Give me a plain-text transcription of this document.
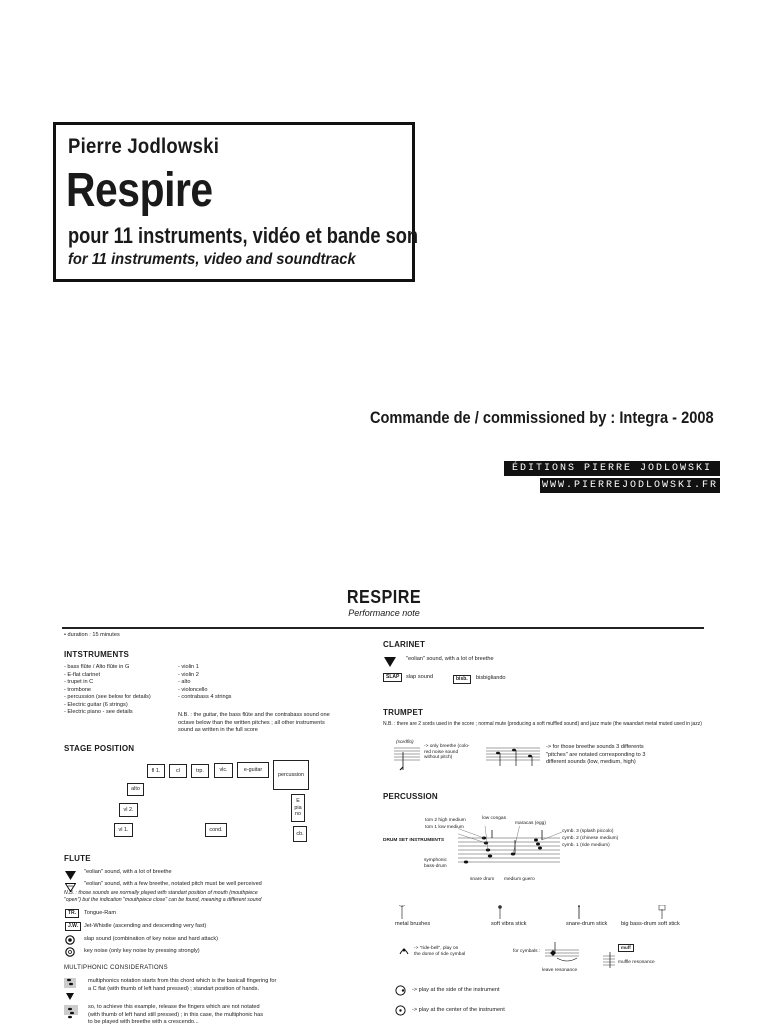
Pierre Jodlowski
Respire
pour 11 instruments, vidéo et bande son
for 11 instruments, video and soundtrack
Commande de / commissioned by : Integra - 2008
ÉDITIONS PIERRE JODLOWSKI
WWW.PIERREJODLOWSKI.FR
RESPIRE
Performance note
• duration : 15 minutes
INTSTRUMENTS
- bass flûte / Alto flûte in G
- E-flat clarinet
- trupet in C
- trombone
- percussion (see below for details)
- Electric guitar (6 strings)
- Electric piano - see details
- violin 1
- violin 2
- alto
- violoncello
- contrabass 4 strings
N.B. : the guitar, the bass flûte and the contrabass sound one
octave below than the written pitches ; all other instruments
sound as written in the full score
STAGE POSITION
fl 1.	cl	trp.	vlc.	e-guitar
percussion
alto
vl 2.
vl 1.	cond.
E
pia
no
cb.
FLUTE
"eolian" sound, with a lot of breethe
"eolian" sound, with a few breethe, notated pitch must be well perceived
N.B. : those sounds are normally played with standart position of mouth (mouthpiece
"open") but the indication "mouthpiece close" can be found, meaning a different sound
TR.	Tongue-Ram
J.W.	Jet-Whistle (ascending and descending very fast)
slap sound (combination of key noise and hard attack)
key noise (only key noise by pressing strongly)
MULTIPHONIC CONSIDERATIONS
multiphonics notation starts from this chord which is the basicall fingering for
a C flat (with thumb of left hand pressed) ; standart position of hands.
so, to achieve this example, release the fingers which are not notated
(with thumb of left hand still pressed) ; in this case, the multiphonic has
to be played with breethe with a crescendo...
CLARINET
"eolian" sound, with a lot of breethe
SLAP	slap sound	bisb.	bisbigliando
TRUMPET
N.B. : there are 2 sords used in the score ; normal mute (producing a soft muffled sound) and jazz mute (the waandart metal muted used in jazz)
(sordflo)
-> only breethe (colo-
red noise sound
without pitch)
-> for those breethe sounds 3 differents
"pitches" are notated corresponding to 3
different sounds (low, medium, high)
PERCUSSION
DRUM SET INSTRUMENTS
tom 2 high medium
tom 1 low medium
low congas
maracas (egg)
cymb. 3 (splash piccolo)
cymb. 2 (chinese medium)
cymb. 1 (ride medium)
symphonic
bass-drum
snare drum medium guero
metal brushes	soft vibra stick	snare-drum stick big bass-drum soft stick
-> "ride-bell", play on
the dome of ride cymbal
for cymbals :
leave resonance
muff
muffle resonance
-> play at the side of the instrument
-> play at the center of the instrument
